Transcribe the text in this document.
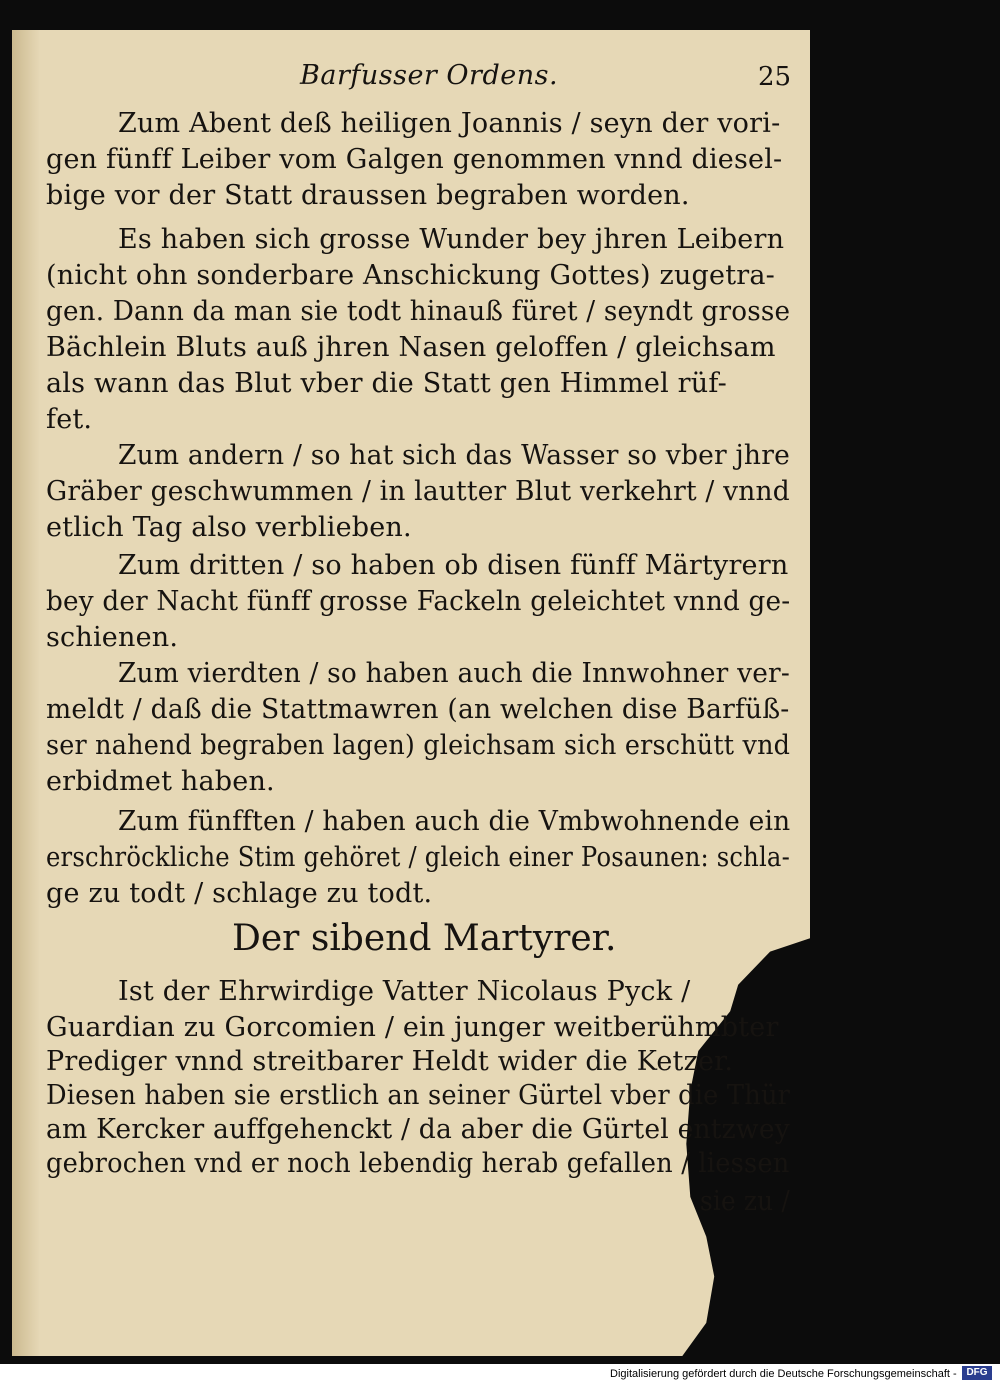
Barfusser Ordens.	25
Zum Abent deß heiligen Joannis / seyn der vori-
gen fünff Leiber vom Galgen genommen vnnd diesel-
bige vor der Statt draussen begraben worden.
Es haben sich grosse Wunder bey jhren Leibern
(nicht ohn sonderbare Anschickung Gottes) zugetra-
gen. Dann da man sie todt hinauß füret / seyndt grosse
Bächlein Bluts auß jhren Nasen geloffen / gleichsam
als wann das Blut vber die Statt gen Himmel rüf-
fet.
Zum andern / so hat sich das Wasser so vber jhre
Gräber geschwummen / in lautter Blut verkehrt / vnnd
etlich Tag also verblieben.
Zum dritten / so haben ob disen fünff Märtyrern
bey der Nacht fünff grosse Fackeln geleichtet vnnd ge-
schienen.
Zum vierdten / so haben auch die Innwohner ver-
meldt / daß die Stattmawren (an welchen dise Barfüß-
ser nahend begraben lagen) gleichsam sich erschütt vnd
erbidmet haben.
Zum fünfften / haben auch die Vmbwohnende ein
erschröckliche Stim gehöret / gleich einer Posaunen: schla-
ge zu todt / schlage zu todt.
Der sibend Martyrer.
Ist der Ehrwirdige Vatter Nicolaus Pyck /
Guardian zu Gorcomien / ein junger weitberühmbter
Prediger vnnd streitbarer Heldt wider die Ketzer.
Diesen haben sie erstlich an seiner Gürtel vber die Thür
am Kercker auffgehenckt / da aber die Gürtel entzwey
gebrochen vnd er noch lebendig herab gefallen / liessen
sie zu /
Digitalisierung gefördert durch die Deutsche Forschungsgemeinschaft - DFG
